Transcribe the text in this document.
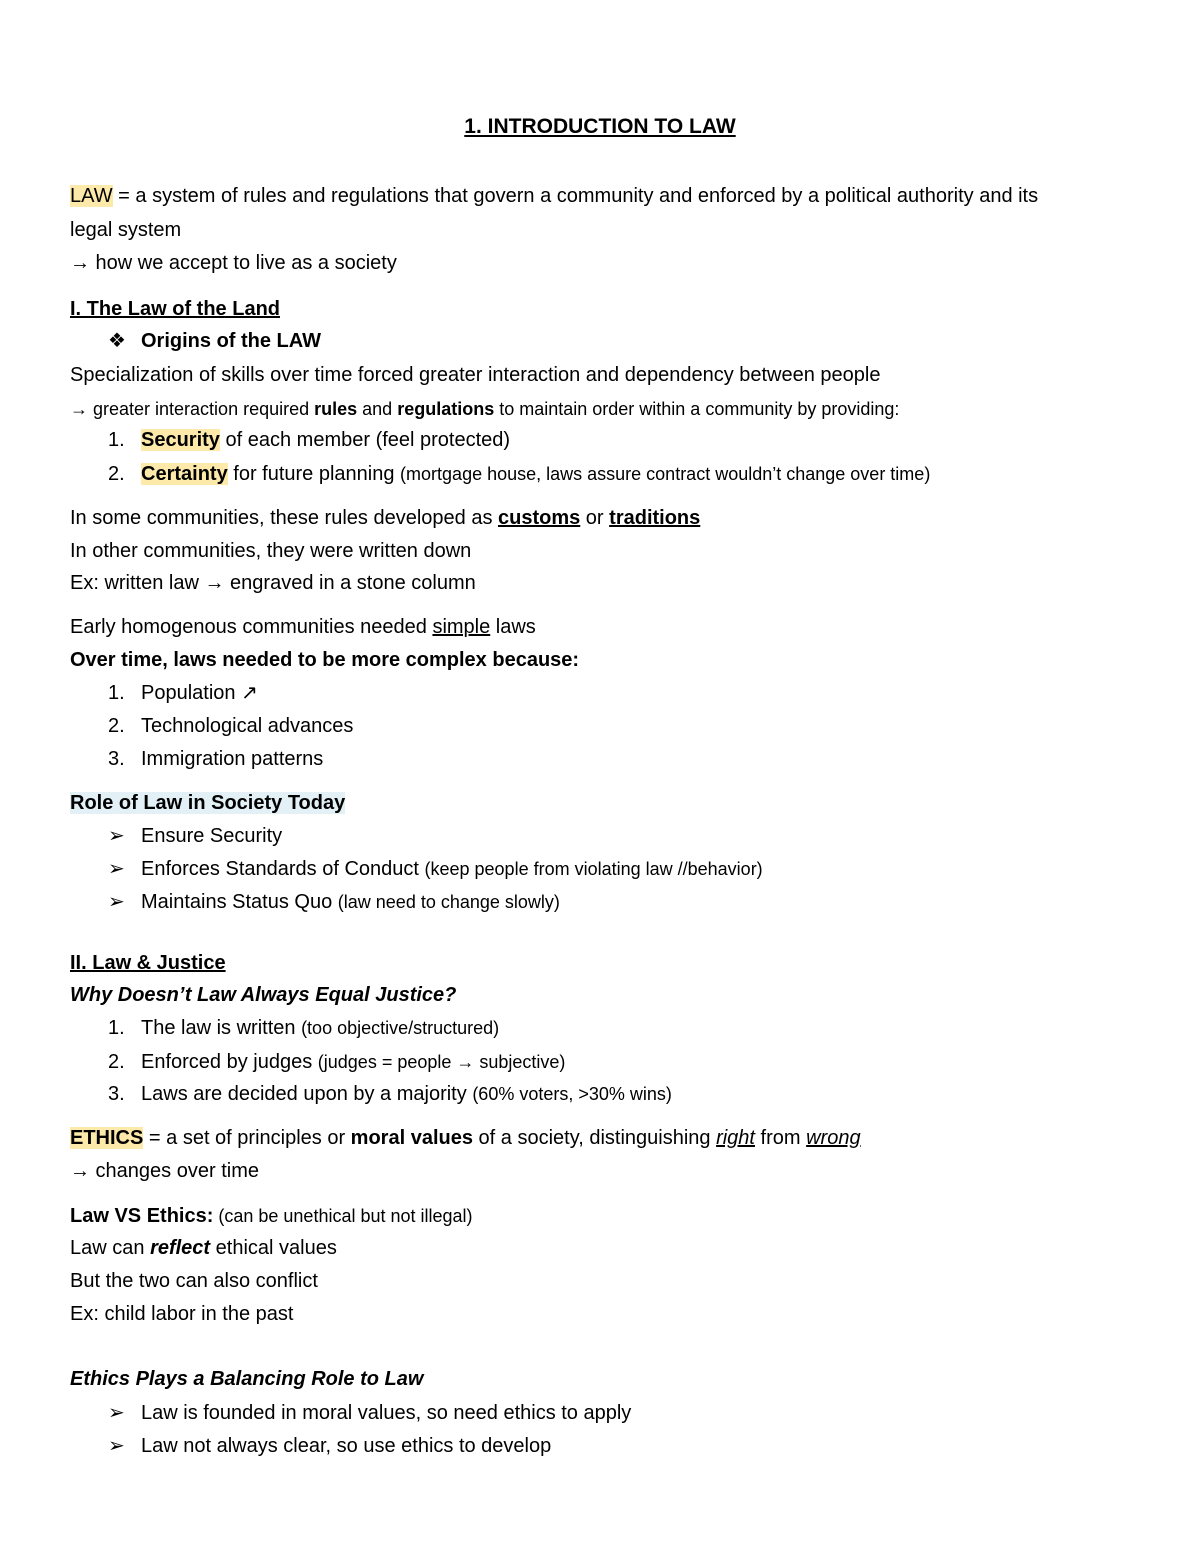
1. INTRODUCTION TO LAW
LAW = a system of rules and regulations that govern a community and enforced by a political authority and its
legal system
→ how we accept to live as a society
I. The Law of the Land
❖ Origins of the LAW
Specialization of skills over time forced greater interaction and dependency between people
→ greater interaction required rules and regulations to maintain order within a community by providing:
1. Security of each member (feel protected)
2. Certainty for future planning (mortgage house, laws assure contract wouldn’t change over time)
In some communities, these rules developed as customs or traditions
In other communities, they were written down
Ex: written law → engraved in a stone column
Early homogenous communities needed simple laws
Over time, laws needed to be more complex because:
1. Population ↗
2. Technological advances
3. Immigration patterns
Role of Law in Society Today
➢ Ensure Security
➢ Enforces Standards of Conduct (keep people from violating law //behavior)
➢ Maintains Status Quo (law need to change slowly)
II. Law & Justice
Why Doesn’t Law Always Equal Justice?
1. The law is written (too objective/structured)
2. Enforced by judges (judges = people → subjective)
3. Laws are decided upon by a majority (60% voters, >30% wins)
ETHICS = a set of principles or moral values of a society, distinguishing right from wrong
→ changes over time
Law VS Ethics: (can be unethical but not illegal)
Law can reflect ethical values
But the two can also conflict
Ex: child labor in the past
Ethics Plays a Balancing Role to Law
➢ Law is founded in moral values, so need ethics to apply
➢ Law not always clear, so use ethics to develop
